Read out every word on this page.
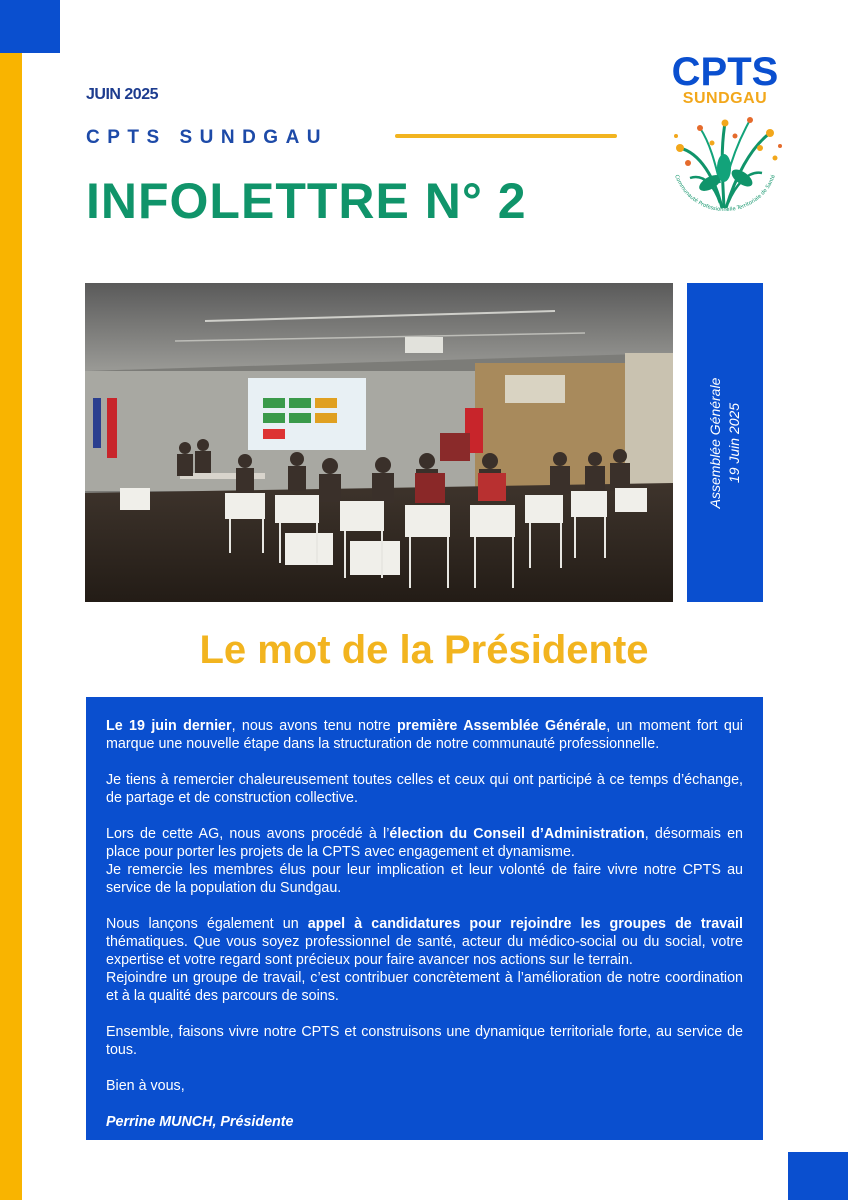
JUIN 2025
CPTS SUNDGAU
INFOLETTRE N° 2
CPTS
SUNDGAU
Communauté Professionnelle Territoriale de Santé
Assemblée Générale 19 Juin 2025
Le mot de la Présidente

Le 19 juin dernier, nous avons tenu notre première Assemblée Générale, un moment fort qui marque une nouvelle étape dans la structuration de notre communauté professionnelle.

Je tiens à remercier chaleureusement toutes celles et ceux qui ont participé à ce temps d’échange, de partage et de construction collective.

Lors de cette AG, nous avons procédé à l’élection du Conseil d’Administration, désormais en place pour porter les projets de la CPTS avec engagement et dynamisme.
Je remercie les membres élus pour leur implication et leur volonté de faire vivre notre CPTS au service de la population du Sundgau.

Nous lançons également un appel à candidatures pour rejoindre les groupes de travail thématiques. Que vous soyez professionnel de santé, acteur du médico-social ou du social, votre expertise et votre regard sont précieux pour faire avancer nos actions sur le terrain.
Rejoindre un groupe de travail, c’est contribuer concrètement à l’amélioration de notre coordination et à la qualité des parcours de soins.

Ensemble, faisons vivre notre CPTS et construisons une dynamique territoriale forte, au service de tous.

Bien à vous,

Perrine MUNCH, Présidente
